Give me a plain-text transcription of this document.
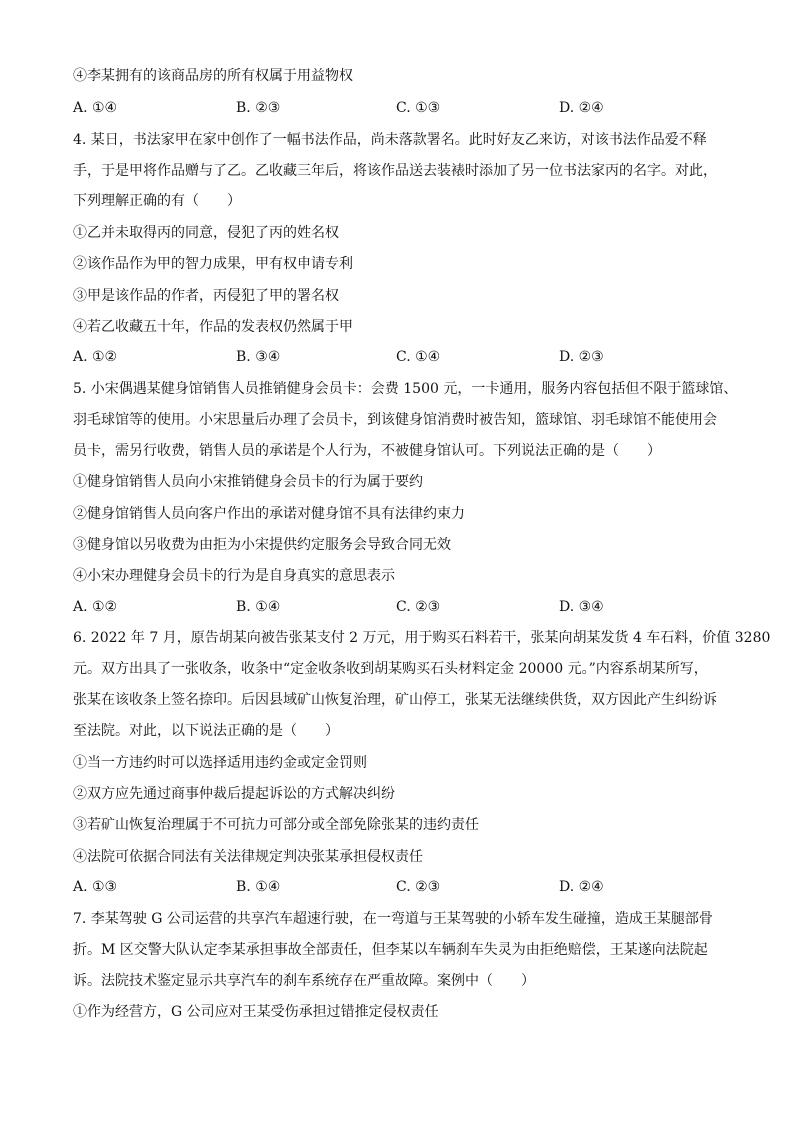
④李某拥有的该商品房的所有权属于用益物权
A. ①④	B. ②③	C. ①③	D. ②④
4. 某日，书法家甲在家中创作了一幅书法作品，尚未落款署名。此时好友乙来访，对该书法作品爱不释
手，于是甲将作品赠与了乙。乙收藏三年后，将该作品送去装裱时添加了另一位书法家丙的名字。对此，
下列理解正确的有（　　）
①乙并未取得丙的同意，侵犯了丙的姓名权
②该作品作为甲的智力成果，甲有权申请专利
③甲是该作品的作者，丙侵犯了甲的署名权
④若乙收藏五十年，作品的发表权仍然属于甲
A. ①②	B. ③④	C. ①④	D. ②③
5. 小宋偶遇某健身馆销售人员推销健身会员卡：会费 1500 元，一卡通用，服务内容包括但不限于篮球馆、
羽毛球馆等的使用。小宋思量后办理了会员卡，到该健身馆消费时被告知，篮球馆、羽毛球馆不能使用会
员卡，需另行收费，销售人员的承诺是个人行为，不被健身馆认可。下列说法正确的是（　　）
①健身馆销售人员向小宋推销健身会员卡的行为属于要约
②健身馆销售人员向客户作出的承诺对健身馆不具有法律约束力
③健身馆以另收费为由拒为小宋提供约定服务会导致合同无效
④小宋办理健身会员卡的行为是自身真实的意思表示
A. ①②	B. ①④	C. ②③	D. ③④
6. 2022 年 7 月，原告胡某向被告张某支付 2 万元，用于购买石料若干，张某向胡某发货 4 车石料，价值 3280
元。双方出具了一张收条，收条中“定金收条收到胡某购买石头材料定金 20000 元。”内容系胡某所写，
张某在该收条上签名捺印。后因县域矿山恢复治理，矿山停工，张某无法继续供货，双方因此产生纠纷诉
至法院。对此，以下说法正确的是（　　）
①当一方违约时可以选择适用违约金或定金罚则
②双方应先通过商事仲裁后提起诉讼的方式解决纠纷
③若矿山恢复治理属于不可抗力可部分或全部免除张某的违约责任
④法院可依据合同法有关法律规定判决张某承担侵权责任
A. ①③	B. ①④	C. ②③	D. ②④
7. 李某驾驶 G 公司运营的共享汽车超速行驶，在一弯道与王某驾驶的小轿车发生碰撞，造成王某腿部骨
折。M 区交警大队认定李某承担事故全部责任，但李某以车辆刹车失灵为由拒绝赔偿，王某遂向法院起
诉。法院技术鉴定显示共享汽车的刹车系统存在严重故障。案例中（　　）
①作为经营方，G 公司应对王某受伤承担过错推定侵权责任
